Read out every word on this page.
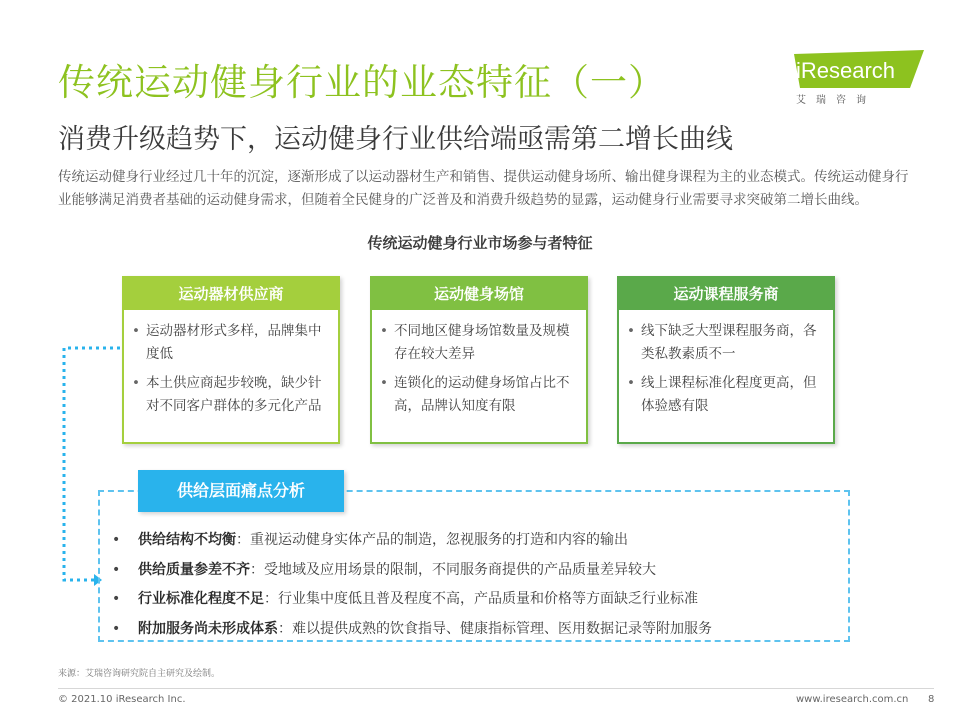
传统运动健身行业的业态特征（一）
消费升级趋势下，运动健身行业供给端亟需第二增长曲线
iResearch
艾瑞咨询
传统运动健身行业经过几十年的沉淀，逐渐形成了以运动器材生产和销售、提供运动健身场所、输出健身课程为主的业态模式。传统运动健身行业能够满足消费者基础的运动健身需求，但随着全民健身的广泛普及和消费升级趋势的显露，运动健身行业需要寻求突破第二增长曲线。
传统运动健身行业市场参与者特征
运动器材供应商
• 运动器材形式多样，品牌集中度低
• 本土供应商起步较晚，缺少针对不同客户群体的多元化产品
运动健身场馆
• 不同地区健身场馆数量及规模存在较大差异
• 连锁化的运动健身场馆占比不高，品牌认知度有限
运动课程服务商
• 线下缺乏大型课程服务商，各类私教素质不一
• 线上课程标准化程度更高，但体验感有限
供给层面痛点分析
• 供给结构不均衡：重视运动健身实体产品的制造，忽视服务的打造和内容的输出
• 供给质量参差不齐：受地域及应用场景的限制，不同服务商提供的产品质量差异较大
• 行业标准化程度不足：行业集中度低且普及程度不高，产品质量和价格等方面缺乏行业标准
• 附加服务尚未形成体系：难以提供成熟的饮食指导、健康指标管理、医用数据记录等附加服务
来源：艾瑞咨询研究院自主研究及绘制。
© 2021.10 iResearch Inc.	www.iresearch.com.cn 8
